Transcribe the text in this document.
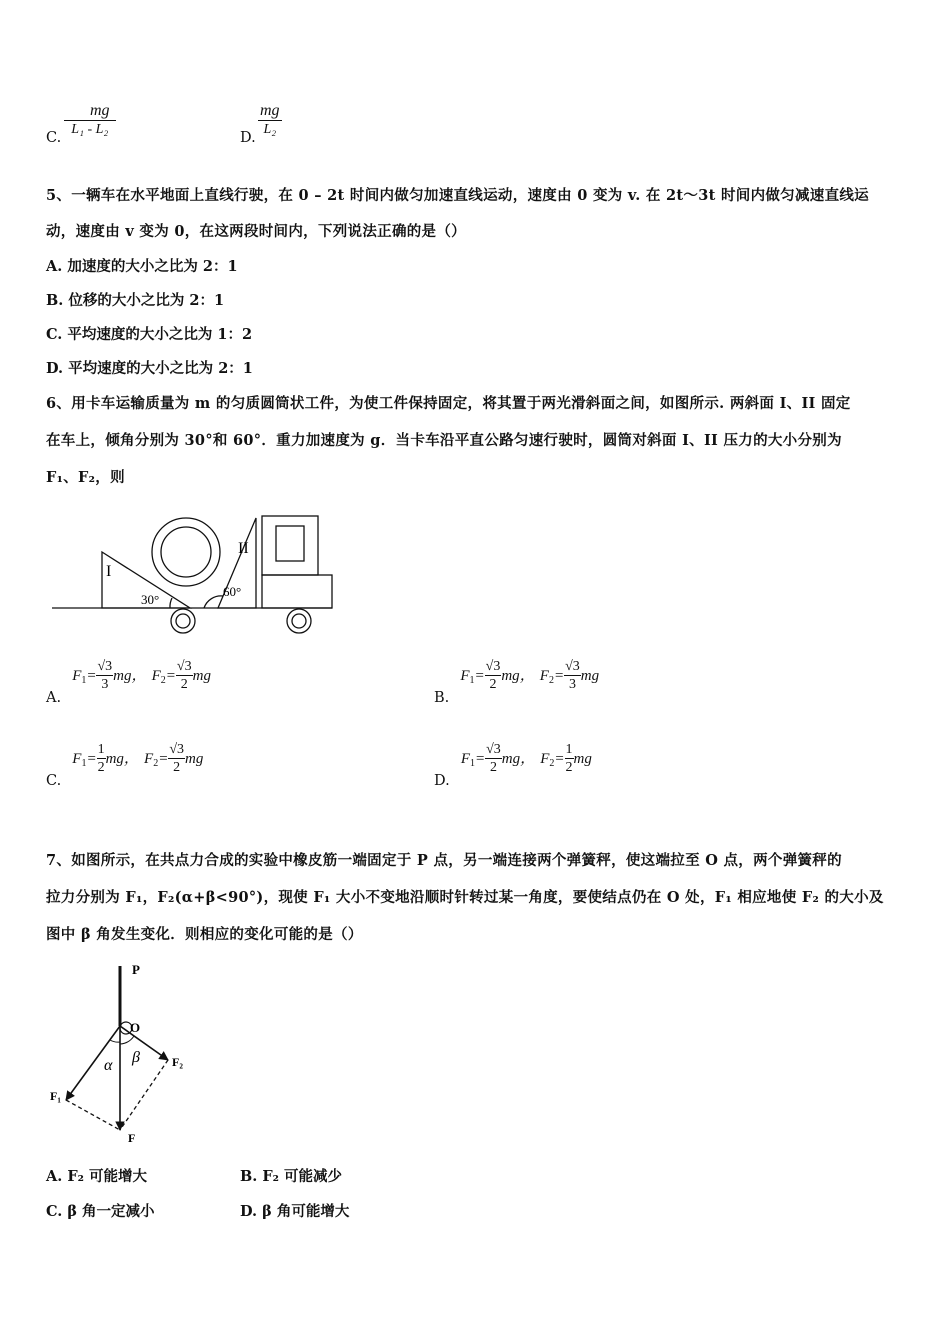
C. $\frac{mg}{\text{L₁ - L₂}}$	D. $\frac{mg}{\text{L₂}}$
5、一辆车在水平地面上直线行驶，在 0 – 2t 时间内做匀加速直线运动，速度由 0 变为 v. 在 2t～3t 时间内做匀减速直线运
动，速度由 v 变为 0，在这两段时间内，下列说法正确的是（）
A. 加速度的大小之比为 2：1
B. 位移的大小之比为 2：1
C. 平均速度的大小之比为 1：2
D. 平均速度的大小之比为 2：1
6、用卡车运输质量为 m 的匀质圆筒状工件，为使工件保持固定，将其置于两光滑斜面之间，如图所示. 两斜面 I、II 固定
在车上，倾角分别为 30°和 60°．重力加速度为 g．当卡车沿平直公路匀速行驶时，圆筒对斜面 I、II 压力的大小分别为
F₁、F₂，则
I
II
30°
60°
A. $F_1= \frac{√3}{3}$ mg， $F_2= \frac{√3}{2}$ mg
B. $F_1= \frac{√3}{2}$ mg， $F_2= \frac{√3}{3}$ mg
C. $F_1= \frac{1}{2}$ mg， $F_2= \frac{√3}{2}$ mg
D. $F_1= \frac{√3}{2}$ mg， $F_2= \frac{1}{2}$ mg
7、如图所示，在共点力合成的实验中橡皮筋一端固定于 P 点，另一端连接两个弹簧秤，使这端拉至 O 点，两个弹簧秤的
拉力分别为 F₁，F₂(α+β<90°)，现使 F₁ 大小不变地沿顺时针转过某一角度，要使结点仍在 O 处，F₁ 相应地使 F₂ 的大小及
图中 β 角发生变化．则相应的变化可能的是（）
P
O
α β	F₂
F₁
F
A. F₂ 可能增大	B. F₂ 可能减少
C. β 角一定减小	D. β 角可能增大
